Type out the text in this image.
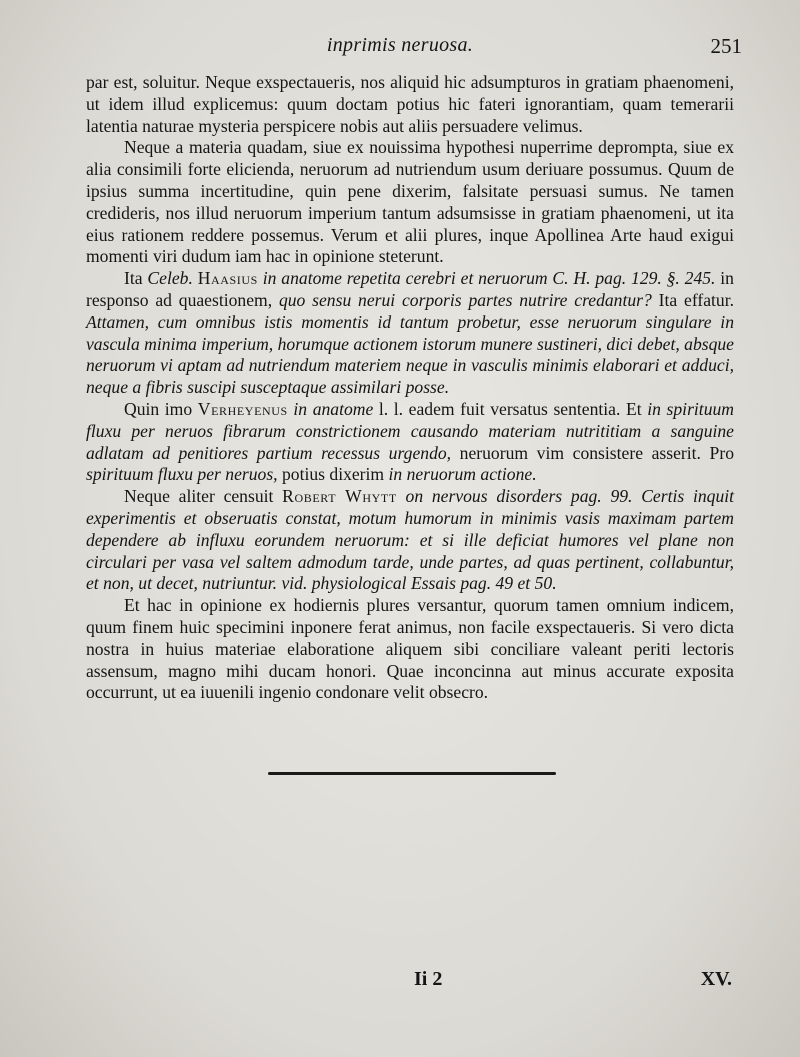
inprimis neruosa.	251

par est, soluitur. Neque exspectaueris, nos aliquid hic adsumpturos in gratiam phaenomeni, ut idem illud explicemus: quum doctam potius hic fateri ignorantiam, quam temerarii latentia naturae mysteria perspicere nobis aut aliis persuadere velimus.

Neque a materia quadam, siue ex nouissima hypothesi nuperrime deprompta, siue ex alia consimili forte elicienda, neruorum ad nutriendum usum deriuare possumus. Quum de ipsius summa incertitudine, quin pene dixerim, falsitate persuasi sumus. Ne tamen credideris, nos illud neruorum imperium tantum adsumsisse in gratiam phaenomeni, ut ita eius rationem reddere possemus. Verum et alii plures, inque Apollinea Arte haud exigui momenti viri dudum iam hac in opinione steterunt.

Ita Celeb. Haasius in anatome repetita cerebri et neruorum C. H. pag. 129. §. 245. in responso ad quaestionem, quo sensu nerui corporis partes nutrire credantur? Ita effatur. Attamen, cum omnibus istis momentis id tantum probetur, esse neruorum singulare in vascula minima imperium, horumque actionem istorum munere sustineri, dici debet, absque neruorum vi aptam ad nutriendum materiem neque in vasculis minimis elaborari et adduci, neque a fibris suscipi susceptaque assimilari posse.

Quin imo Verheyenus in anatome l. l. eadem fuit versatus sententia. Et in spirituum fluxu per neruos fibrarum constrictionem causando materiam nutrititiam a sanguine adlatam ad penitiores partium recessus urgendo, neruorum vim consistere asserit. Pro spirituum fluxu per neruos, potius dixerim in neruorum actione.

Neque aliter censuit Robert Whytt on nervous disorders pag. 99. Certis inquit experimentis et obseruatis constat, motum humorum in minimis vasis maximam partem dependere ab influxu eorundem neruorum: et si ille deficiat humores vel plane non circulari per vasa vel saltem admodum tarde, unde partes, ad quas pertinent, collabuntur, et non, ut decet, nutriuntur. vid. physiological Essais pag. 49 et 50.

Et hac in opinione ex hodiernis plures versantur, quorum tamen omnium indicem, quum finem huic specimini inponere ferat animus, non facile exspectaueris. Si vero dicta nostra in huius materiae elaboratione aliquem sibi conciliare valeant periti lectoris assensum, magno mihi ducam honori. Quae inconcinna aut minus accurate exposita occurrunt, ut ea iuuenili ingenio condonare velit obsecro.

Ii 2	XV.
